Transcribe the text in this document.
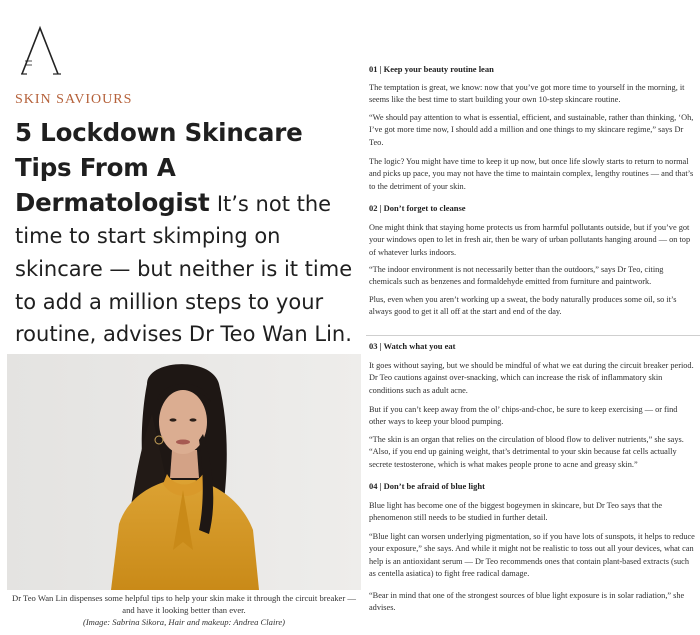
SKIN SAVIOURS
5 Lockdown Skincare Tips From A Dermatologist It’s not the time to start skimping on skincare — but neither is it time to add a million steps to your routine, advises Dr Teo Wan Lin.
Dr Teo Wan Lin dispenses some helpful tips to help your skin make it through the circuit breaker — and have it looking better than ever.
(Image: Sabrina Sikora, Hair and makeup: Andrea Claire)
01 | Keep your beauty routine lean
The temptation is great, we know: now that you’ve got more time to yourself in the morning, it seems like the best time to start building your own 10-step skincare routine.
“We should pay attention to what is essential, efficient, and sustainable, rather than thinking, ‘Oh, I’ve got more time now, I should add a million and one things to my skincare regime,” says Dr Teo.
The logic? You might have time to keep it up now, but once life slowly starts to return to normal and picks up pace, you may not have the time to maintain complex, lengthy routines — and that’s to the detriment of your skin.
02 | Don’t forget to cleanse
One might think that staying home protects us from harmful pollutants outside, but if you’ve got your windows open to let in fresh air, then be wary of urban pollutants hanging around — on top of whatever lurks indoors.
“The indoor environment is not necessarily better than the outdoors,” says Dr Teo, citing chemicals such as benzenes and formaldehyde emitted from furniture and paintwork.
Plus, even when you aren’t working up a sweat, the body naturally produces some oil, so it’s always good to get it all off at the start and end of the day.
03 | Watch what you eat
It goes without saying, but we should be mindful of what we eat during the circuit breaker period. Dr Teo cautions against over-snacking, which can increase the risk of inflammatory skin conditions such as adult acne.
But if you can’t keep away from the ol’ chips-and-choc, be sure to keep exercising — or find other ways to keep your blood pumping.
“The skin is an organ that relies on the circulation of blood flow to deliver nutrients,” she says. “Also, if you end up gaining weight, that’s detrimental to your skin because fat cells actually secrete testosterone, which is what makes people prone to acne and greasy skin.”
04 | Don’t be afraid of blue light
Blue light has become one of the biggest bogeymen in skincare, but Dr Teo says that the phenomenon still needs to be studied in further detail.
“Blue light can worsen underlying pigmentation, so if you have lots of sunspots, it helps to reduce your exposure,” she says. And while it might not be realistic to toss out all your devices, what can help is an antioxidant serum — Dr Teo recommends ones that contain plant-based extracts (such as centella asiatica) to fight free radical damage.
“Bear in mind that one of the strongest sources of blue light exposure is in solar radiation,” she advises.
